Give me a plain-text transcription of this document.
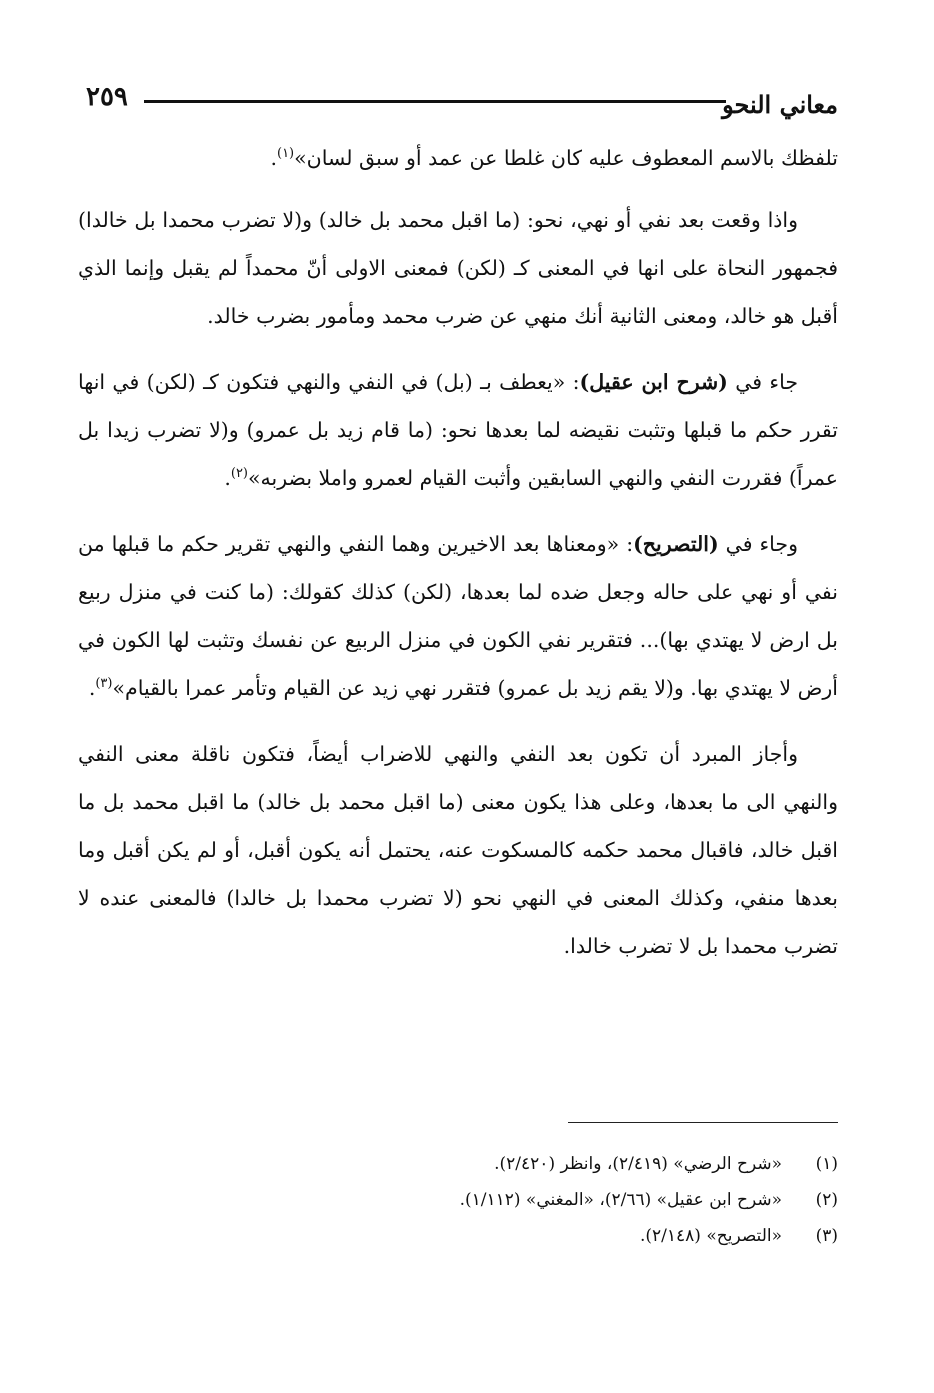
معاني النحو
٢٥٩

تلفظك بالاسم المعطوف عليه كان غلطا عن عمد أو سبق لسان»$^{(١)}$.

واذا وقعت بعد نفي أو نهي، نحو: (ما اقبل محمد بل خالد) و(لا تضرب محمدا بل خالدا) فجمهور النحاة على انها في المعنى كـ (لكن) فمعنى الاولى أنّ محمداً لم يقبل وإنما الذي أقبل هو خالد، ومعنى الثانية أنك منهي عن ضرب محمد ومأمور بضرب خالد.

جاء في (شرح ابن عقيل): «يعطف بـ (بل) في النفي والنهي فتكون كـ (لكن) في انها تقرر حكم ما قبلها وتثبت نقيضه لما بعدها نحو: (ما قام زيد بل عمرو) و(لا تضرب زيدا بل عمراً) فقررت النفي والنهي السابقين وأثبت القيام لعمرو واملا بضربه»$^{(٢)}$.

وجاء في (التصريح): «ومعناها بعد الاخيرين وهما النفي والنهي تقرير حكم ما قبلها من نفي أو نهي على حاله وجعل ضده لما بعدها، (لكن) كذلك كقولك: (ما كنت في منزل ربيع بل ارض لا يهتدي بها)... فتقرير نفي الكون في منزل الربيع عن نفسك وتثبت لها الكون في أرض لا يهتدي بها. و(لا يقم زيد بل عمرو) فتقرر نهي زيد عن القيام وتأمر عمرا بالقيام»$^{(٣)}$.

وأجاز المبرد أن تكون بعد النفي والنهي للاضراب أيضاً، فتكون ناقلة معنى النفي والنهي الى ما بعدها، وعلى هذا يكون معنى (ما اقبل محمد بل خالد) ما اقبل محمد بل ما اقبل خالد، فاقبال محمد حكمه كالمسكوت عنه، يحتمل أنه يكون أقبل، أو لم يكن أقبل وما بعدها منفي، وكذلك المعنى في النهي نحو (لا تضرب محمدا بل خالدا) فالمعنى عنده لا تضرب محمدا بل لا تضرب خالدا.

(١)
«شرح الرضي» (٢/٤١٩)، وانظر (٢/٤٢٠).
(٢)
«شرح ابن عقيل» (٢/٦٦)، «المغني» (١/١١٢).
(٣)
«التصريح» (٢/١٤٨).
